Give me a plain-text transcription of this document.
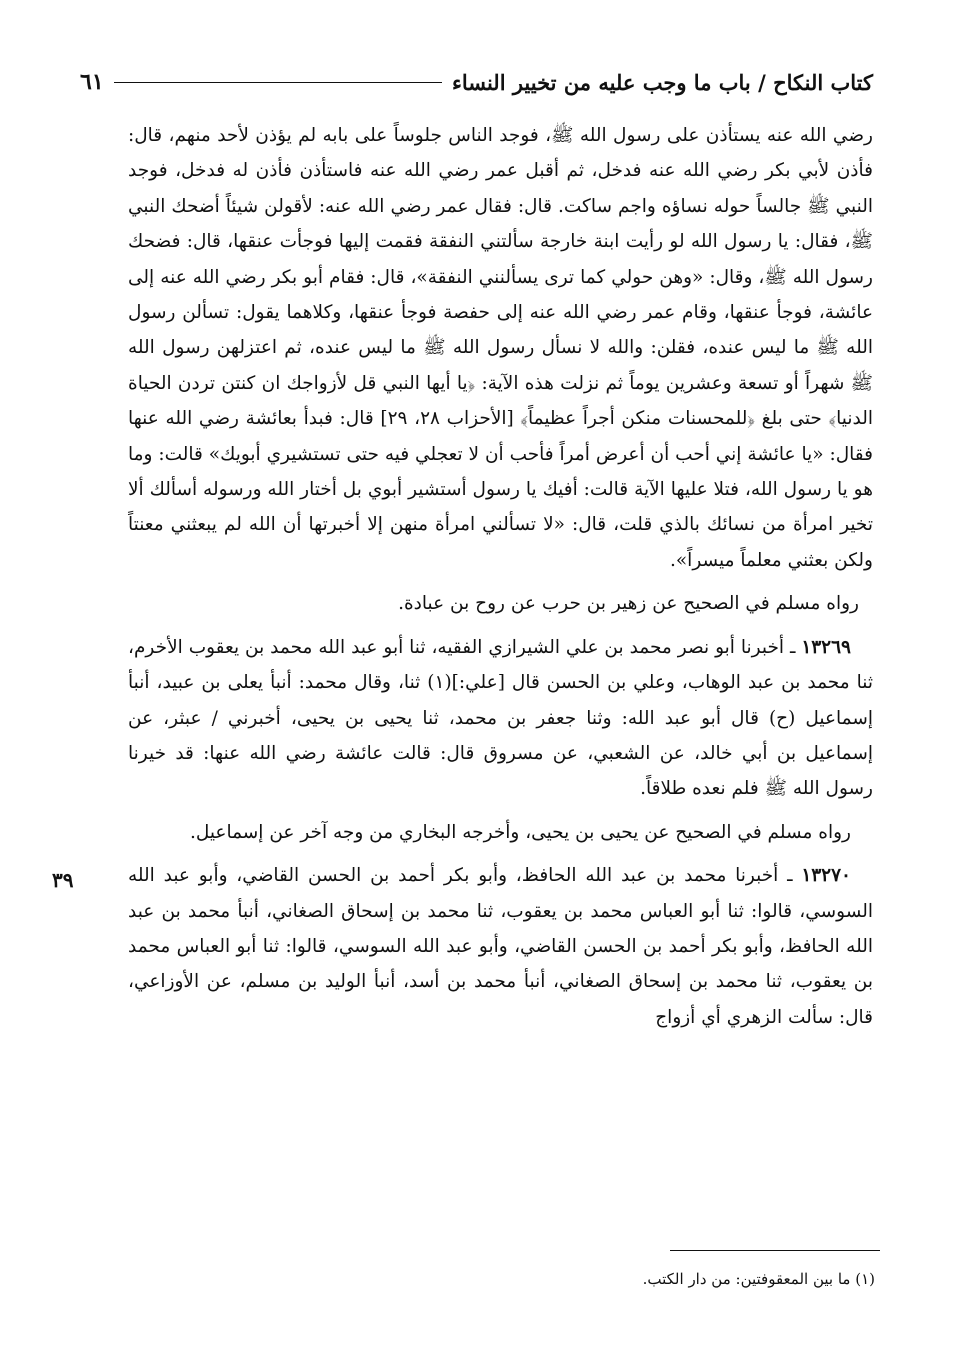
كتاب النكاح / باب ما وجب عليه من تخيير النساء
٦١
٣٩

رضي الله عنه يستأذن على رسول الله ﷺ، فوجد الناس جلوساً على بابه لم يؤذن لأحد منهم، قال: فأذن لأبي بكر رضي الله عنه فدخل، ثم أقبل عمر رضي الله عنه فاستأذن فأذن له فدخل، فوجد النبي ﷺ جالساً حوله نساؤه واجم ساكت. قال: فقال عمر رضي الله عنه: لأقولن شيئاً أضحك النبي ﷺ، فقال: يا رسول الله لو رأيت ابنة خارجة سألتني النفقة فقمت إليها فوجأت عنقها، قال: فضحك رسول الله ﷺ، وقال: «وهن حولي كما ترى يسألنني النفقة»، قال: فقام أبو بكر رضي الله عنه إلى عائشة، فوجأ عنقها، وقام عمر رضي الله عنه إلى حفصة فوجأ عنقها، وكلاهما يقول: تسألن رسول الله ﷺ ما ليس عنده، فقلن: والله لا نسأل رسول الله ﷺ ما ليس عنده، ثم اعتزلهن رسول الله ﷺ شهراً أو تسعة وعشرين يوماً ثم نزلت هذه الآية: ﴿يا أيها النبي قل لأزواجك ان كنتن تردن الحياة الدنيا﴾ حتى بلغ ﴿للمحسنات منكن أجراً عظيماً﴾ [الأحزاب ٢٨، ٢٩] قال: فبدأ بعائشة رضي الله عنها فقال: «يا عائشة إني أحب أن أعرض أمراً فأحب أن لا تعجلي فيه حتى تستشيري أبويك» قالت: وما هو يا رسول الله، فتلا عليها الآية قالت: أفيك يا رسول أستشير أبوي بل أختار الله ورسوله أسألك ألا تخير امرأة من نسائك بالذي قلت، قال: «لا تسألني امرأة منهن إلا أخبرتها أن الله لم يبعثني معنتاً ولكن بعثني معلماً ميسراً».

رواه مسلم في الصحيح عن زهير بن حرب عن روح بن عبادة.

١٣٢٦٩ ـ أخبرنا أبو نصر محمد بن علي الشيرازي الفقيه، ثنا أبو عبد الله محمد بن يعقوب الأخرم، ثنا محمد بن عبد الوهاب، وعلي بن الحسن قال [علي:](١) ثنا، وقال محمد: أنبأ يعلى بن عبيد، أنبأ إسماعيل (ح) قال أبو عبد الله: وثنا جعفر بن محمد، ثنا يحيى بن يحيى، أخبرني / عبثر، عن إسماعيل بن أبي خالد، عن الشعبي، عن مسروق قال: قالت عائشة رضي الله عنها: قد خيرنا رسول الله ﷺ فلم نعده طلاقاً.

رواه مسلم في الصحيح عن يحيى بن يحيى، وأخرجه البخاري من وجه آخر عن إسماعيل.

١٣٢٧٠ ـ أخبرنا محمد بن عبد الله الحافظ، وأبو بكر أحمد بن الحسن القاضي، وأبو عبد الله السوسي، قالوا: ثنا أبو العباس محمد بن يعقوب، ثنا محمد بن إسحاق الصغاني، أنبأ محمد بن عبد الله الحافظ، وأبو بكر أحمد بن الحسن القاضي، وأبو عبد الله السوسي، قالوا: ثنا أبو العباس محمد بن يعقوب، ثنا محمد بن إسحاق الصغاني، أنبأ محمد بن أسد، أنبأ الوليد بن مسلم، عن الأوزاعي، قال: سألت الزهري أي أزواج

(١) ما بين المعقوفتين: من دار الكتب.
